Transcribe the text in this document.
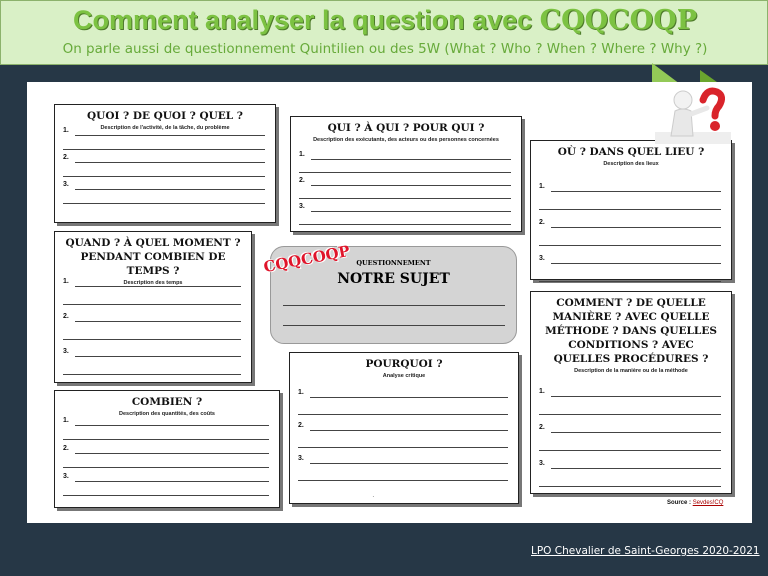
Comment analyser la question avec CQQCOQP
On parle aussi de questionnement Quintilien ou des 5W (What ? Who ? When ? Where ? Why ?)
QUOI ? DE QUOI ? QUEL ?
Description de l'activité, de la tâche, du problème
1.
2.
3.
QUI ? À QUI ? POUR QUI ?
Description des exécutants, des acteurs ou des personnes concernées
1.
2.
3.
OÙ ? DANS QUEL LIEU ?
Description des lieux
1.
2.
3.
QUAND ? À QUEL MOMENT ? PENDANT COMBIEN DE TEMPS ?
Description des temps
1.
2.
3.
COMMENT ? DE QUELLE MANIÈRE ? AVEC QUELLE MÉTHODE ? DANS QUELLES CONDITIONS ? AVEC QUELLES PROCÉDURES ?
Description de la manière ou de la méthode
1.
2.
3.
POURQUOI ?
Analyse critique
1.
2.
3.
COMBIEN ?
Description des quantités, des coûts
1.
2.
3.
QUESTIONNEMENT
NOTRE SUJET
CQQCOQP
·
Source : Sevdes!CQ
LPO Chevalier de Saint-Georges 2020-2021
